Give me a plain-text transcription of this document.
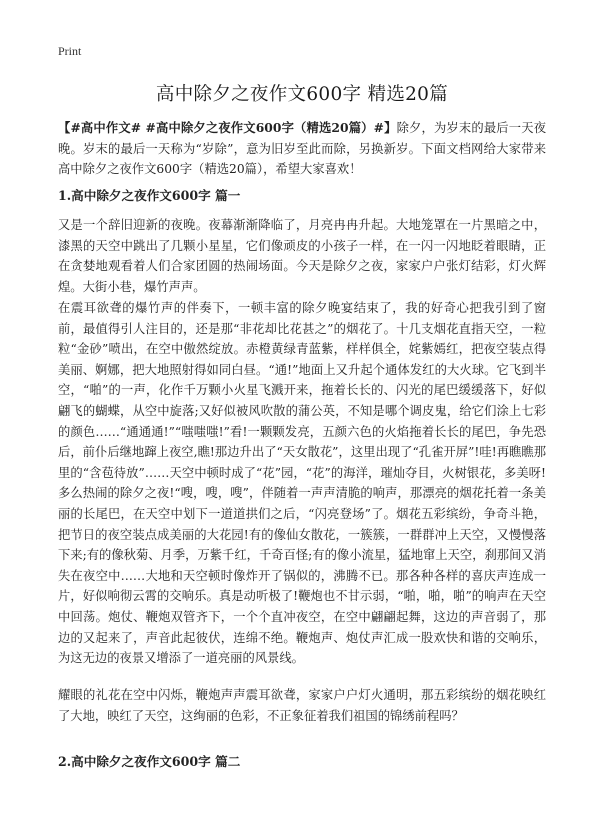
Print
高中除夕之夜作文600字 精选20篇

【#高中作文# #高中除夕之夜作文600字（精选20篇）#】除夕，为岁末的最后一天夜晚。岁末的最后一天称为“岁除”，意为旧岁至此而除，另换新岁。下面文档网给大家带来高中除夕之夜作文600字（精选20篇），希望大家喜欢！

1.高中除夕之夜作文600字 篇一

又是一个辞旧迎新的夜晚。夜幕渐渐降临了，月亮冉冉升起。大地笼罩在一片黑暗之中，漆黑的天空中跳出了几颗小星星，它们像顽皮的小孩子一样，在一闪一闪地眨着眼睛，正在贪婪地观看着人们合家团圆的热闹场面。今天是除夕之夜，家家户户张灯结彩，灯火辉煌。大街小巷，爆竹声声。

在震耳欲聋的爆竹声的伴奏下，一顿丰富的除夕晚宴结束了，我的好奇心把我引到了窗前，最值得引人注目的，还是那“非花却比花甚之”的烟花了。十几支烟花直指天空，一粒粒“金砂”喷出，在空中傲然绽放。赤橙黄绿青蓝紫，样样俱全，姹紫嫣红，把夜空装点得美丽、婀娜，把大地照射得如同白昼。“通!”地面上又升起个通体发红的大火球。它飞到半空，“啪”的一声，化作千万颗小火星飞溅开来，拖着长长的、闪光的尾巴缓缓落下，好似翩飞的蝴蝶，从空中旋落;又好似被风吹散的蒲公英，不知是哪个调皮鬼，给它们涂上七彩的颜色……“通通通!”“嗤嗤嗤!”看!一颗颗发亮，五颜六色的火焰拖着长长的尾巴，争先恐后，前仆后继地蹿上夜空,瞧!那边升出了“天女散花”，这里出现了“孔雀开屏”!哇!再瞧瞧那里的“含苞待放”……天空中顿时成了“花”园，“花”的海洋，璀灿夺目，火树银花，多美呀!多么热闹的除夕之夜!“嗖，嗖，嗖”，伴随着一声声清脆的响声，那漂亮的烟花托着一条美丽的长尾巴，在天空中划下一道道拱们之后，“闪亮登场”了。烟花五彩缤纷，争奇斗艳，把节日的夜空装点成美丽的大花园!有的像仙女散花，一簇簇，一群群冲上天空，又慢慢落下来;有的像秋菊、月季，万紫千红，千奇百怪;有的像小流星，猛地窜上天空，刹那间又消失在夜空中……大地和天空顿时像炸开了锅似的，沸腾不已。那各种各样的喜庆声连成一片，好似响彻云霄的交响乐。真是动听极了!鞭炮也不甘示弱，“啪，啪，啪”的响声在天空中回荡。炮仗、鞭炮双管齐下，一个个直冲夜空，在空中翩翩起舞，这边的声音弱了，那边的又起来了，声音此起彼伏，连绵不绝。鞭炮声、炮仗声汇成一股欢快和谐的交响乐，为这无边的夜景又增添了一道亮丽的风景线。

耀眼的礼花在空中闪烁，鞭炮声声震耳欲聋，家家户户灯火通明，那五彩缤纷的烟花映红了大地，映红了天空，这绚丽的色彩，不正象征着我们祖国的锦绣前程吗？

2.高中除夕之夜作文600字 篇二
